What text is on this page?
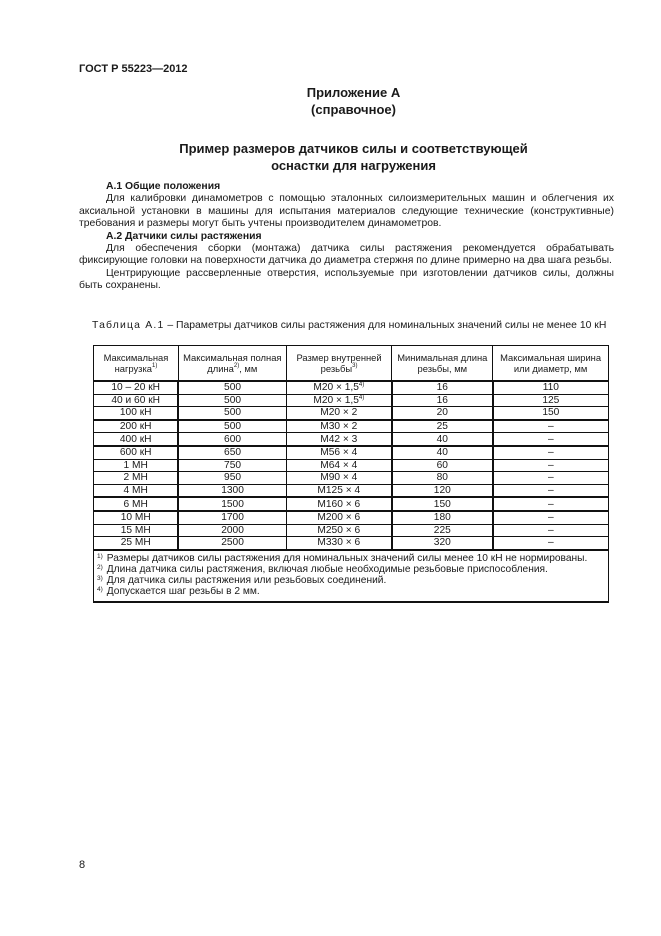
ГОСТ Р 55223—2012
Приложение А
(справочное)
Пример размеров датчиков силы и соответствующей
оснастки для нагружения
А.1 Общие положения

Для калибровки динамометров с помощью эталонных силоизмерительных машин и облегчения их аксиальной установки в машины для испытания материалов следующие технические (конструктивные) требования и размеры могут быть учтены производителем динамометров.

А.2 Датчики силы растяжения

Для обеспечения сборки (монтажа) датчика силы растяжения рекомендуется обрабатывать фиксирующие головки на поверхности датчика до диаметра стержня по длине примерно на два шага резьбы.

Центрирующие рассверленные отверстия, используемые при изготовлении датчиков силы, должны быть сохранены.

Таблица А.1 – Параметры датчиков силы растяжения для номинальных значений силы не менее 10 кН
Максимальная нагрузка$^{1)}$	Максимальная полная длина$^{2)}$, мм	Размер внутренней резьбы$^{3)}$	Минимальная длина резьбы, мм	Максимальная ширина или диаметр, мм
10 – 20 кН	500	$М20 \times 1,5^{4)}$	16	110
40 и 60 кН	500	$М20 \times 1,5^{4)}$	16	125
100 кН	500	М20 × 2	20	150
200 кН	500	М30 × 2	25	–
400 кН	600	М42 × 3	40	–
600 кН	650	М56 × 4	40	–
1 МН	750	М64 × 4	60	–
2 МН	950	М90 × 4	80	–
4 МН	1300	М125 × 4	120	–
6 МН	1500	М160 × 6	150	–
10 МН	1700	М200 × 6	180	–
15 МН	2000	М250 × 6	225	–
25 МН	2500	М330 × 6	320	–

$^{1)}$ Размеры датчиков силы растяжения для номинальных значений силы менее 10 кН не нормированы.
$^{2)}$ Длина датчика силы растяжения, включая любые необходимые резьбовые приспособления.
$^{3)}$ Для датчика силы растяжения или резьбовых соединений.
$^{4)}$ Допускается шаг резьбы в 2 мм.				
8
